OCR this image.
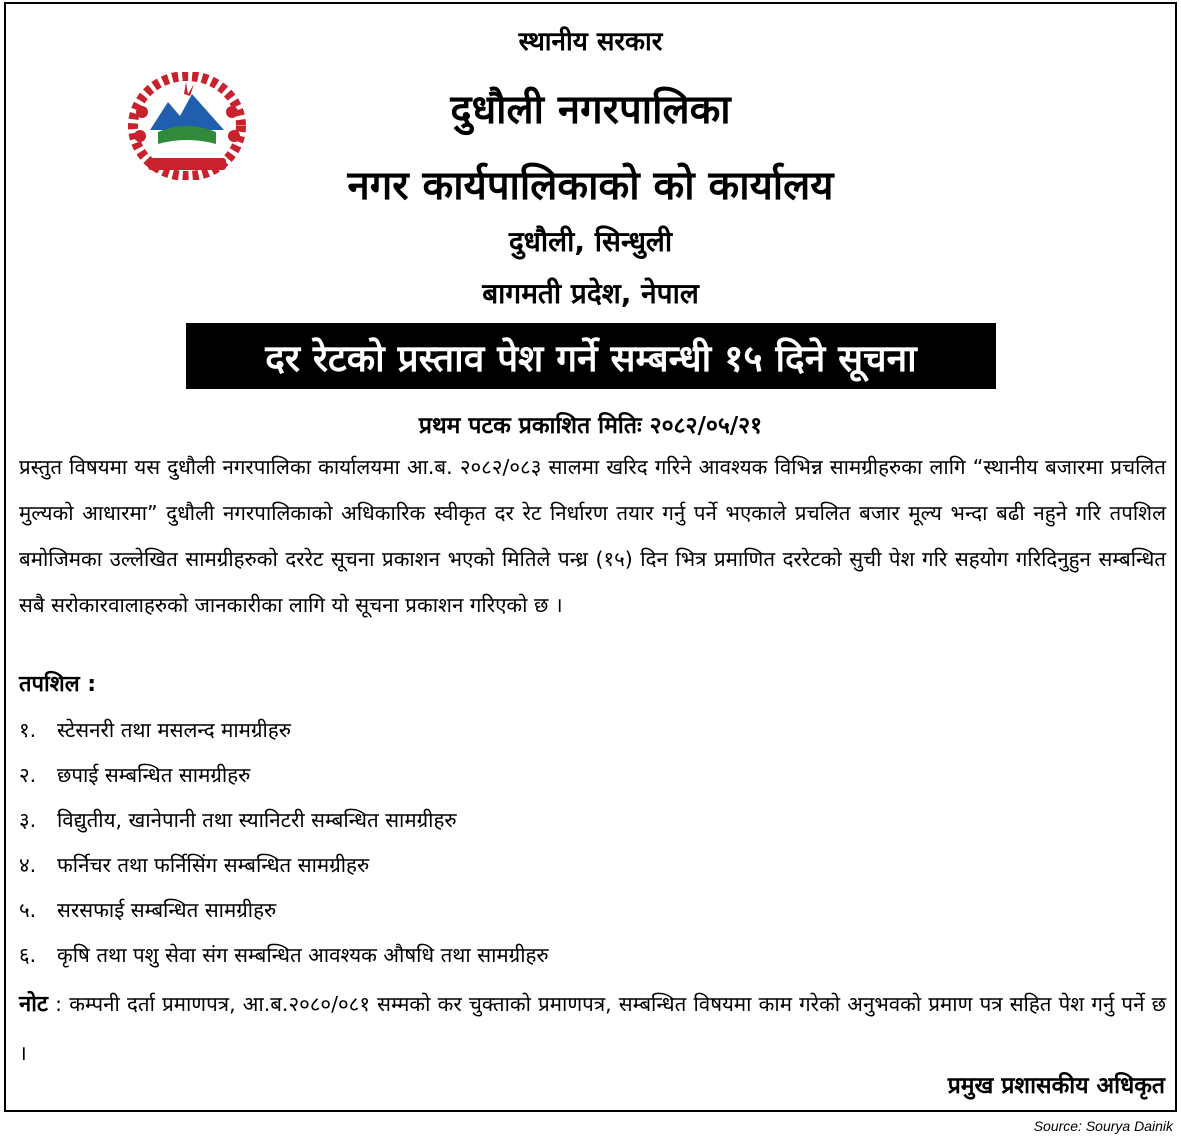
स्थानीय सरकार
दुधौली नगरपालिका
नगर कार्यपालिकाको को कार्यालय
दुधौली, सिन्धुली
बागमती प्रदेश, नेपाल
दर रेटको प्रस्ताव पेश गर्ने सम्बन्धी १५ दिने सूचना
प्रथम पटक प्रकाशित मितिः २०८२/०५/२१
प्रस्तुत विषयमा यस दुधौली नगरपालिका कार्यालयमा आ.ब. २०८२/०८३ सालमा खरिद गरिने आवश्यक विभिन्न सामग्रीहरुका लागि “स्थानीय बजारमा प्रचलित मुल्यको आधारमा” दुधौली नगरपालिकाको अधिकारिक स्वीकृत दर रेट निर्धारण तयार गर्नु पर्ने भएकाले प्रचलित बजार मूल्य भन्दा बढी नहुने गरि तपशिल बमोजिमका उल्लेखित सामग्रीहरुको दररेट सूचना प्रकाशन भएको मितिले पन्ध्र (१५) दिन भित्र प्रमाणित दररेटको सुची पेश गरि सहयोग गरिदिनुहुन सम्बन्धित सबै सरोकारवालाहरुको जानकारीका लागि यो सूचना प्रकाशन गरिएको छ ।
तपशिल :
१. स्टेसनरी तथा मसलन्द मामग्रीहरु
२. छपाई सम्बन्धित सामग्रीहरु
३. विद्युतीय, खानेपानी तथा स्यानिटरी सम्बन्धित सामग्रीहरु
४. फर्निचर तथा फर्निसिंग सम्बन्धित सामग्रीहरु
५. सरसफाई सम्बन्धित सामग्रीहरु
६. कृषि तथा पशु सेवा संग सम्बन्धित आवश्यक औषधि तथा सामग्रीहरु
नोट : कम्पनी दर्ता प्रमाणपत्र, आ.ब.२०८०/०८१ सम्मको कर चुक्ताको प्रमाणपत्र, सम्बन्धित विषयमा काम गरेको अनुभवको प्रमाण पत्र सहित पेश गर्नु पर्ने छ ।
प्रमुख प्रशासकीय अधिकृत
Source: Sourya Dainik
